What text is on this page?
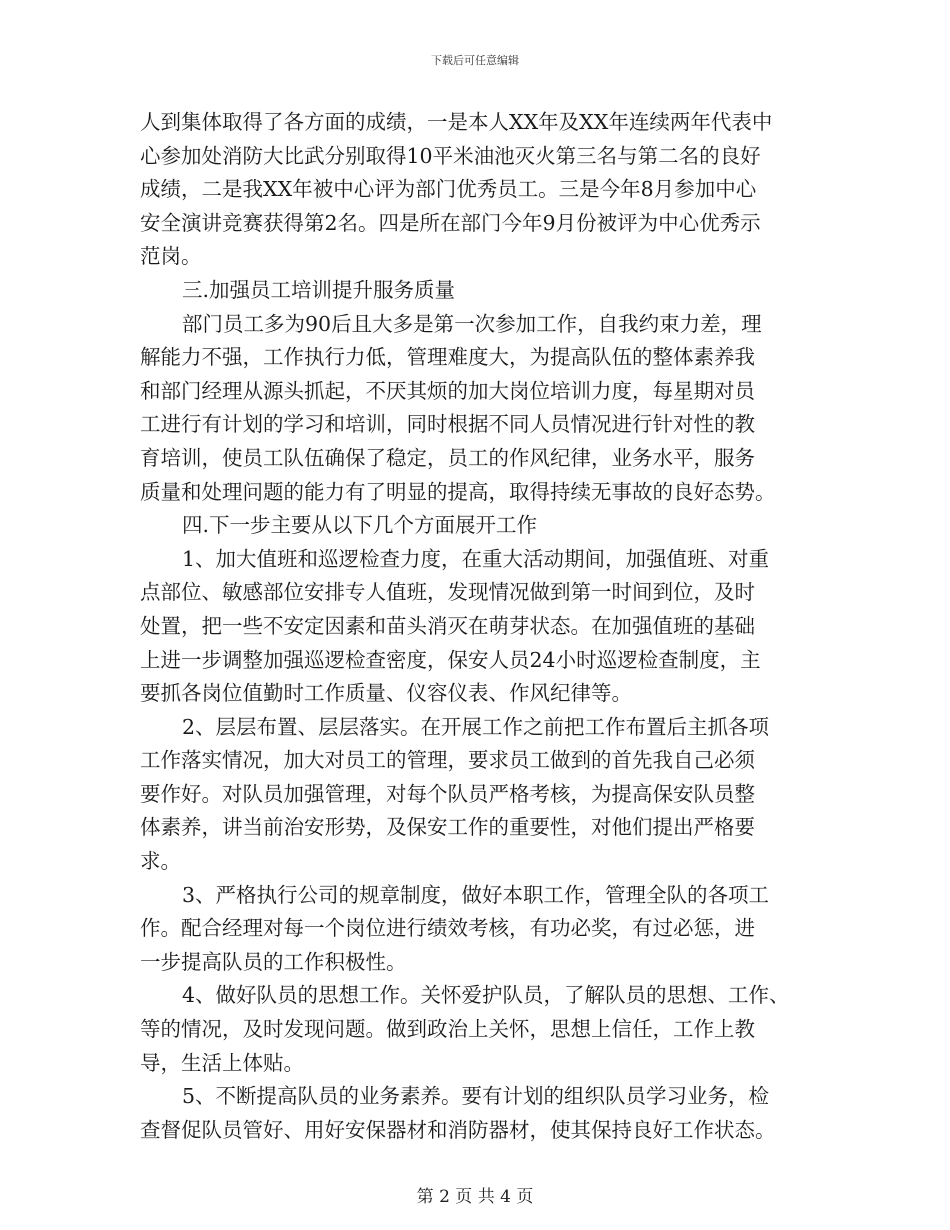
下载后可任意编辑
人到集体取得了各方面的成绩，一是本人XX年及XX年连续两年代表中
心参加处消防大比武分别取得10平米油池灭火第三名与第二名的良好
成绩，二是我XX年被中心评为部门优秀员工。三是今年8月参加中心
安全演讲竞赛获得第2名。四是所在部门今年9月份被评为中心优秀示
范岗。
三.加强员工培训提升服务质量
部门员工多为90后且大多是第一次参加工作，自我约束力差，理
解能力不强，工作执行力低，管理难度大，为提高队伍的整体素养我
和部门经理从源头抓起，不厌其烦的加大岗位培训力度，每星期对员
工进行有计划的学习和培训，同时根据不同人员情况进行针对性的教
育培训，使员工队伍确保了稳定，员工的作风纪律，业务水平，服务
质量和处理问题的能力有了明显的提高，取得持续无事故的良好态势。
四.下一步主要从以下几个方面展开工作
1、加大值班和巡逻检查力度，在重大活动期间，加强值班、对重
点部位、敏感部位安排专人值班，发现情况做到第一时间到位，及时
处置，把一些不安定因素和苗头消灭在萌芽状态。在加强值班的基础
上进一步调整加强巡逻检查密度，保安人员24小时巡逻检查制度，主
要抓各岗位值勤时工作质量、仪容仪表、作风纪律等。
2、层层布置、层层落实。在开展工作之前把工作布置后主抓各项
工作落实情况，加大对员工的管理，要求员工做到的首先我自己必须
要作好。对队员加强管理，对每个队员严格考核，为提高保安队员整
体素养，讲当前治安形势，及保安工作的重要性，对他们提出严格要
求。
3、严格执行公司的规章制度，做好本职工作，管理全队的各项工
作。配合经理对每一个岗位进行绩效考核，有功必奖，有过必惩，进
一步提高队员的工作积极性。
4、做好队员的思想工作。关怀爱护队员，了解队员的思想、工作、
等的情况，及时发现问题。做到政治上关怀，思想上信任，工作上教
导，生活上体贴。
5、不断提高队员的业务素养。要有计划的组织队员学习业务，检
查督促队员管好、用好安保器材和消防器材，使其保持良好工作状态。
第 2 页 共 4 页
